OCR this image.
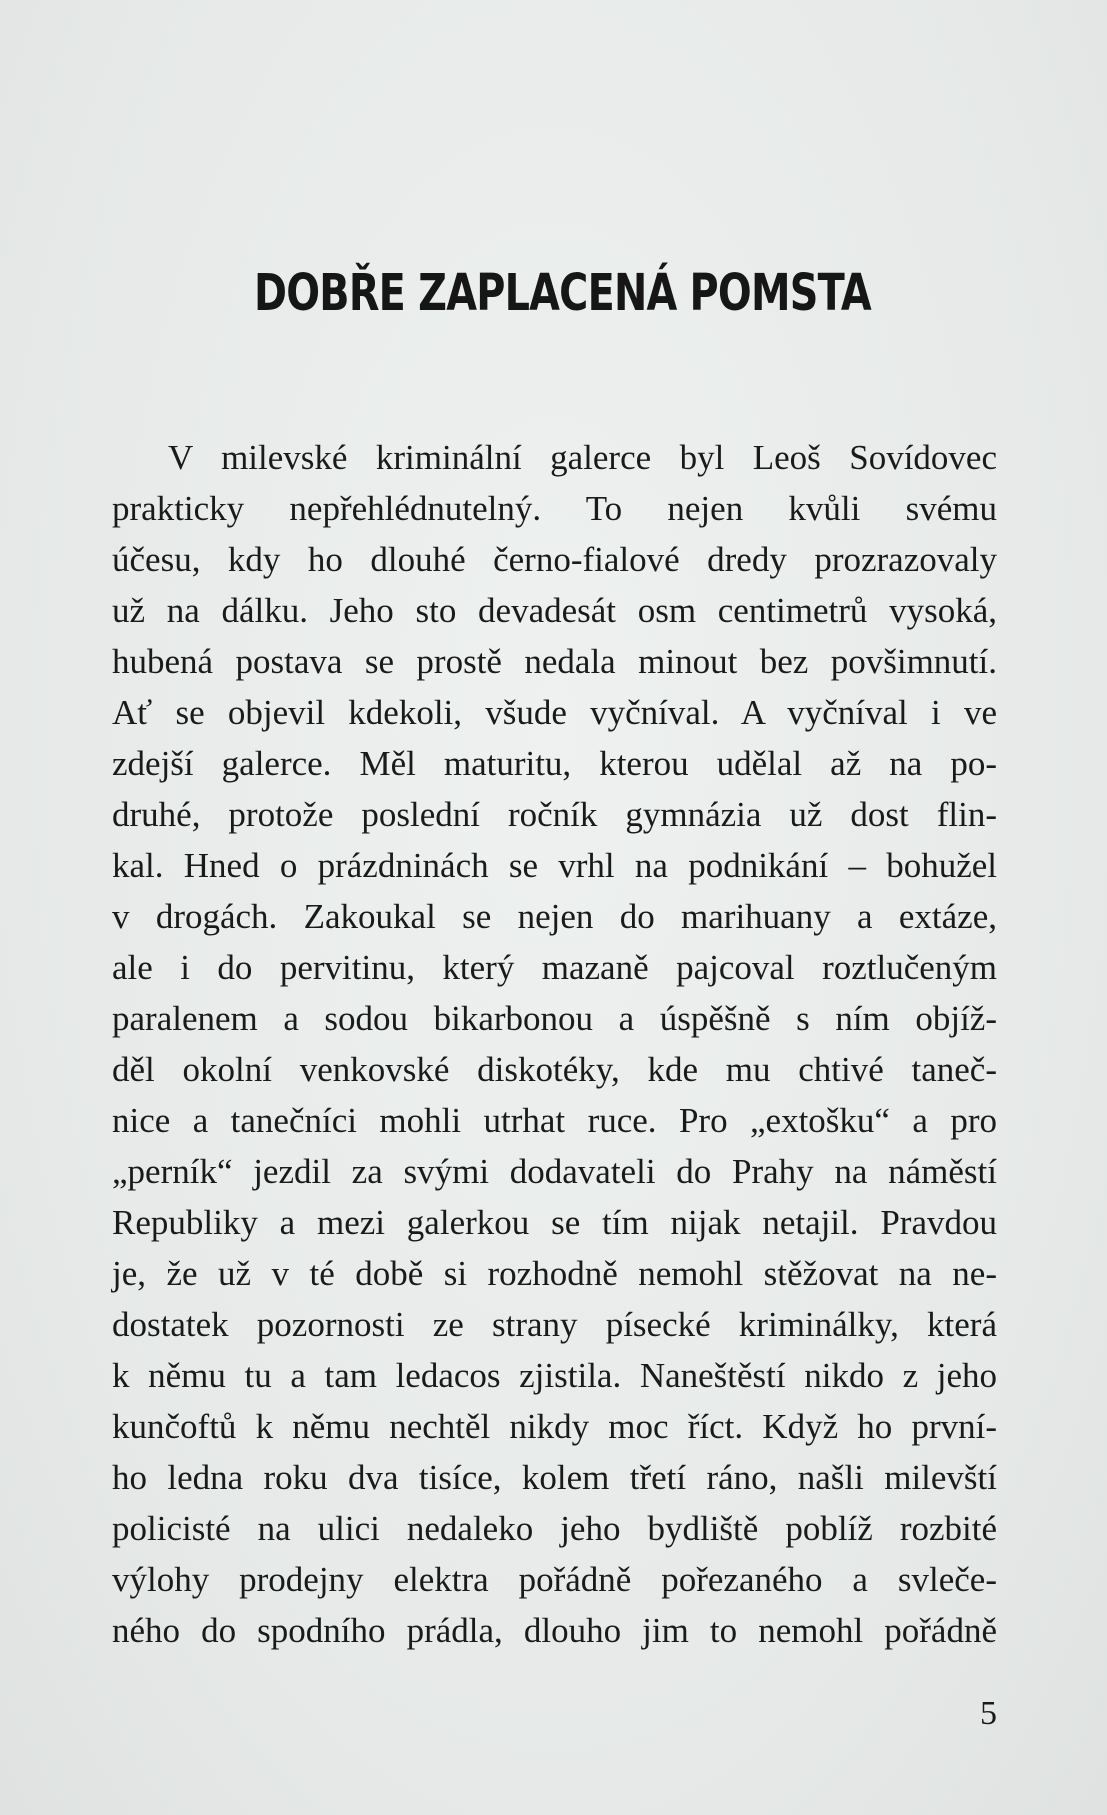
DOBŘE ZAPLACENÁ POMSTA
V milevské kriminální galerce byl Leoš Sovídovec
prakticky nepřehlédnutelný. To nejen kvůli svému
účesu, kdy ho dlouhé černo-fialové dredy prozrazovaly
už na dálku. Jeho sto devadesát osm centimetrů vysoká,
hubená postava se prostě nedala minout bez povšimnutí.
Ať se objevil kdekoli, všude vyčníval. A vyčníval i ve
zdejší galerce. Měl maturitu, kterou udělal až na po-
druhé, protože poslední ročník gymnázia už dost flin-
kal. Hned o prázdninách se vrhl na podnikání – bohužel
v drogách. Zakoukal se nejen do marihuany a extáze,
ale i do pervitinu, který mazaně pajcoval roztlučeným
paralenem a sodou bikarbonou a úspěšně s ním objíž-
děl okolní venkovské diskotéky, kde mu chtivé taneč-
nice a tanečníci mohli utrhat ruce. Pro „extošku“ a pro
„perník“ jezdil za svými dodavateli do Prahy na náměstí
Republiky a mezi galerkou se tím nijak netajil. Pravdou
je, že už v té době si rozhodně nemohl stěžovat na ne-
dostatek pozornosti ze strany písecké kriminálky, která
k němu tu a tam ledacos zjistila. Naneštěstí nikdo z jeho
kunčoftů k němu nechtěl nikdy moc říct. Když ho první-
ho ledna roku dva tisíce, kolem třetí ráno, našli milevští
policisté na ulici nedaleko jeho bydliště poblíž rozbité
výlohy prodejny elektra pořádně pořezaného a svleče-
ného do spodního prádla, dlouho jim to nemohl pořádně
5
